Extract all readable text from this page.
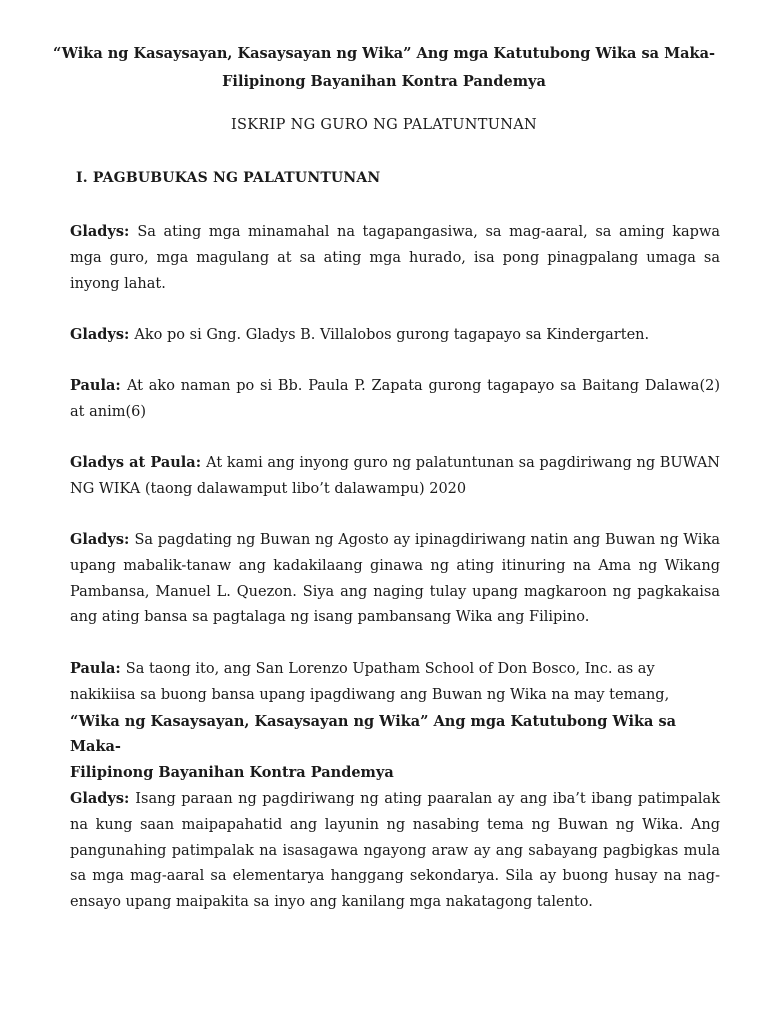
“Wika ng Kasaysayan, Kasaysayan ng Wika” Ang mga Katutubong Wika sa Maka-
Filipinong Bayanihan Kontra Pandemya
ISKRIP NG GURO NG PALATUNTUNAN
I. PAGBUBUKAS NG PALATUNTUNAN
Gladys: Sa ating mga minamahal na tagapangasiwa, sa mag-aaral, sa aming kapwa mga guro, mga magulang at sa ating mga hurado, isa pong pinagpalang umaga sa inyong lahat.
Gladys: Ako po si Gng. Gladys B. Villalobos gurong tagapayo sa Kindergarten.
Paula: At ako naman po si Bb. Paula P. Zapata gurong tagapayo sa Baitang Dalawa(2) at anim(6)
Gladys at Paula: At kami ang inyong guro ng palatuntunan sa pagdiriwang ng BUWAN NG WIKA (taong dalawamput libo’t dalawampu) 2020
Gladys: Sa pagdating ng Buwan ng Agosto ay ipinagdiriwang natin ang Buwan ng Wika upang mabalik-tanaw ang kadakilaang ginawa ng ating itinuring na Ama ng Wikang Pambansa, Manuel L. Quezon. Siya ang naging tulay upang magkaroon ng pagkakaisa ang ating bansa sa pagtalaga ng isang pambansang Wika ang Filipino.
Paula: Sa taong ito, ang San Lorenzo Upatham School of Don Bosco, Inc. as ay nakikiisa sa buong bansa upang ipagdiwang ang Buwan ng Wika na may temang,
“Wika ng Kasaysayan, Kasaysayan ng Wika” Ang mga Katutubong Wika sa Maka-
Filipinong Bayanihan Kontra Pandemya
Gladys: Isang paraan ng pagdiriwang ng ating paaralan ay ang iba’t ibang patimpalak na kung saan maipapahatid ang layunin ng nasabing tema ng Buwan ng Wika. Ang pangunahing patimpalak na isasagawa ngayong araw ay ang sabayang pagbigkas mula sa mga mag-aaral sa elementarya hanggang sekondarya. Sila ay buong husay na nag-ensayo upang maipakita sa inyo ang kanilang mga nakatagong talento.
